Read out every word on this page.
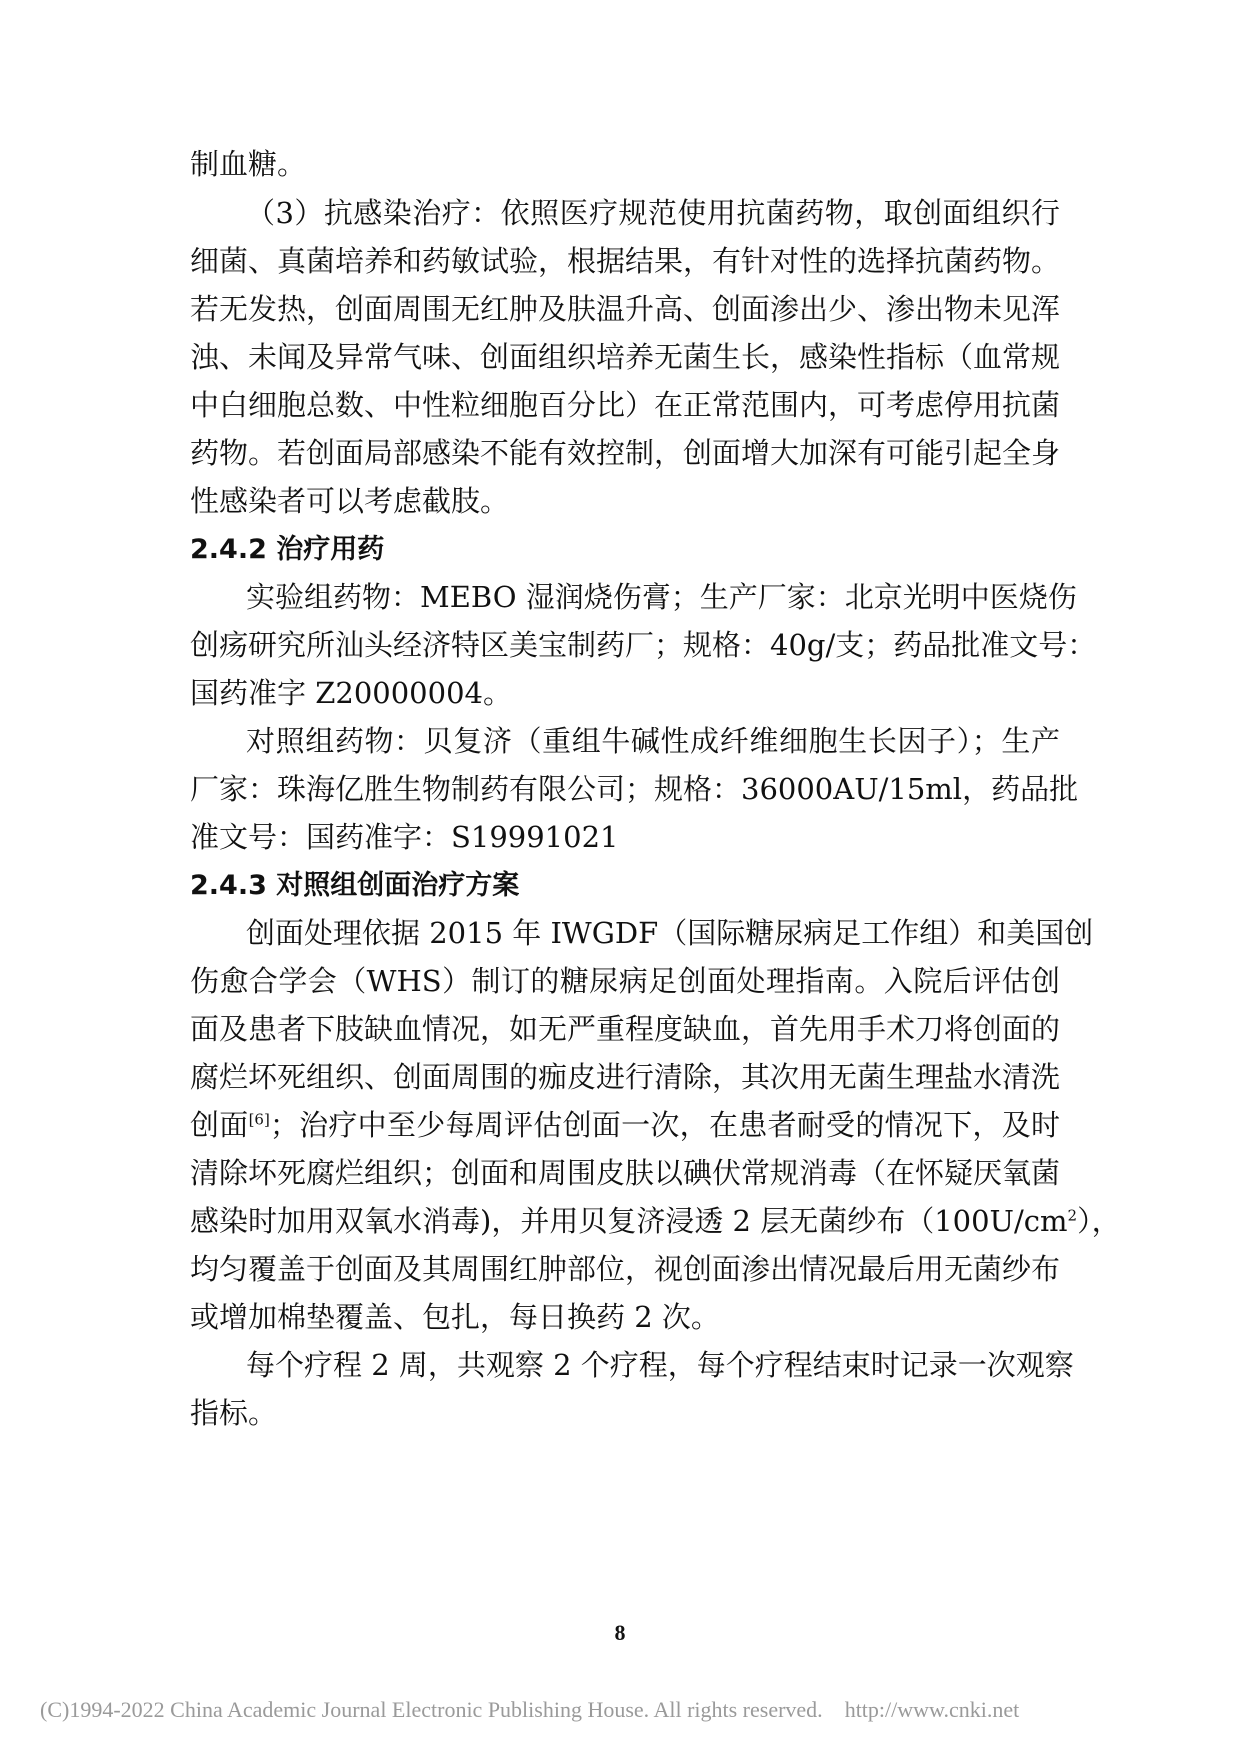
制血糖。
（3）抗感染治疗：依照医疗规范使用抗菌药物，取创面组织行
细菌、真菌培养和药敏试验，根据结果，有针对性的选择抗菌药物。
若无发热，创面周围无红肿及肤温升高、创面渗出少、渗出物未见浑
浊、未闻及异常气味、创面组织培养无菌生长，感染性指标（血常规
中白细胞总数、中性粒细胞百分比）在正常范围内，可考虑停用抗菌
药物。若创面局部感染不能有效控制，创面增大加深有可能引起全身
性感染者可以考虑截肢。
2.4.2 治疗用药
实验组药物：MEBO 湿润烧伤膏；生产厂家：北京光明中医烧伤
创疡研究所汕头经济特区美宝制药厂；规格：40g/支；药品批准文号：
国药准字 Z20000004。
对照组药物：贝复济（重组牛碱性成纤维细胞生长因子）；生产
厂家：珠海亿胜生物制药有限公司；规格：36000AU/15ml，药品批
准文号：国药准字：S19991021
2.4.3 对照组创面治疗方案
创面处理依据 2015 年 IWGDF（国际糖尿病足工作组）和美国创
伤愈合学会（WHS）制订的糖尿病足创面处理指南。入院后评估创
面及患者下肢缺血情况，如无严重程度缺血，首先用手术刀将创面的
腐烂坏死组织、创面周围的痂皮进行清除，其次用无菌生理盐水清洗
创面[6]；治疗中至少每周评估创面一次，在患者耐受的情况下，及时
清除坏死腐烂组织；创面和周围皮肤以碘伏常规消毒（在怀疑厌氧菌
感染时加用双氧水消毒)，并用贝复济浸透 2 层无菌纱布$(100U/cm^2)$，
均匀覆盖于创面及其周围红肿部位，视创面渗出情况最后用无菌纱布
或增加棉垫覆盖、包扎，每日换药 2 次。
每个疗程 2 周，共观察 2 个疗程，每个疗程结束时记录一次观察
指标。
8
(C)1994-2022 China Academic Journal Electronic Publishing House. All rights reserved. http://www.cnki.net
